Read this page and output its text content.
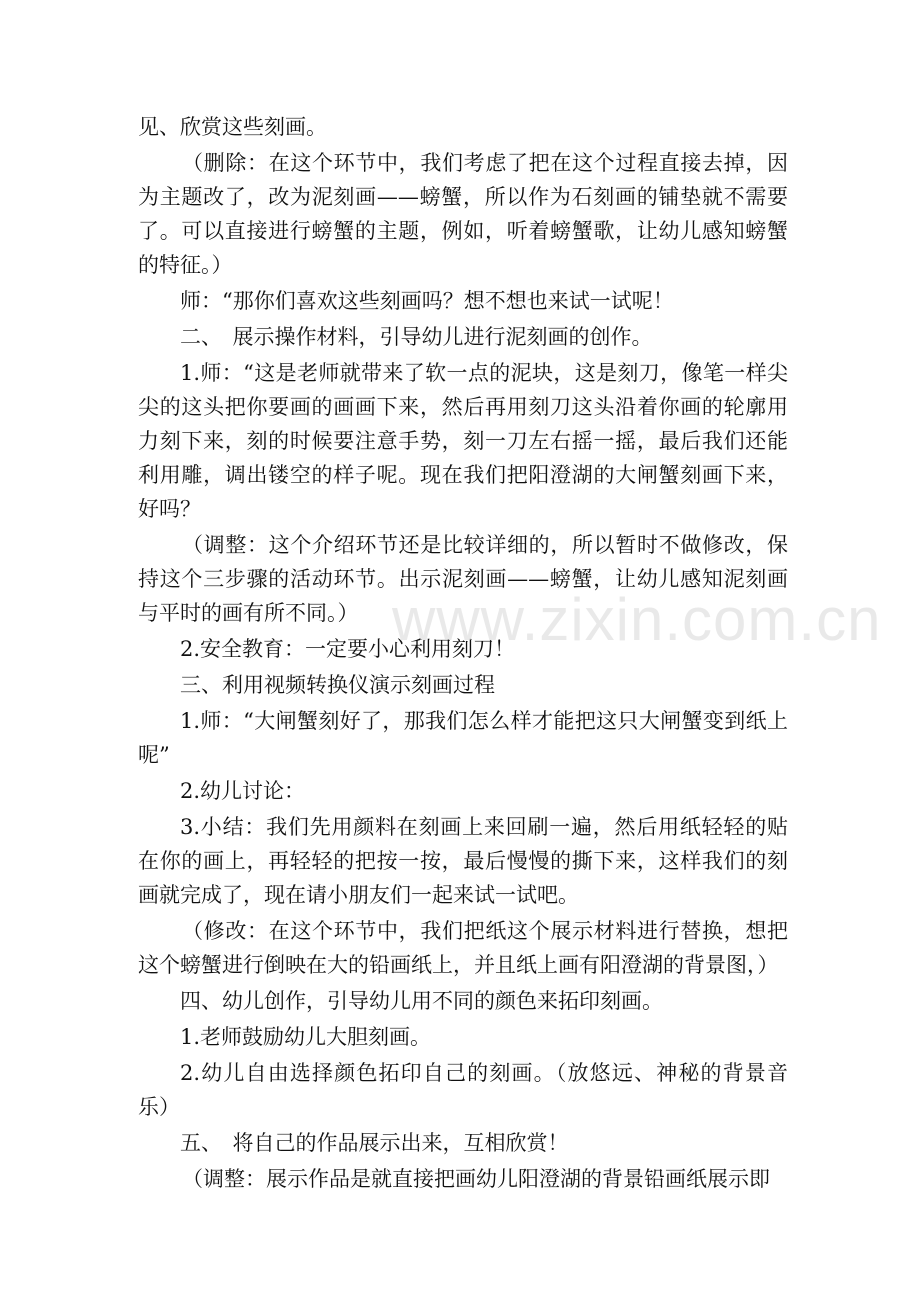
见、欣赏这些刻画。

（删除：在这个环节中，我们考虑了把在这个过程直接去掉，因为主题改了，改为泥刻画——螃蟹，所以作为石刻画的铺垫就不需要了。可以直接进行螃蟹的主题，例如，听着螃蟹歌，让幼儿感知螃蟹的特征。）

师：“那你们喜欢这些刻画吗？想不想也来试一试呢！

二、　展示操作材料，引导幼儿进行泥刻画的创作。

1.师：“这是老师就带来了软一点的泥块，这是刻刀，像笔一样尖尖的这头把你要画的画画下来，然后再用刻刀这头沿着你画的轮廓用力刻下来，刻的时候要注意手势，刻一刀左右摇一摇，最后我们还能利用雕，调出镂空的样子呢。现在我们把阳澄湖的大闸蟹刻画下来，好吗？

（调整：这个介绍环节还是比较详细的，所以暂时不做修改，保持这个三步骤的活动环节。出示泥刻画——螃蟹，让幼儿感知泥刻画与平时的画有所不同。）

2.安全教育：一定要小心利用刻刀！

三、利用视频转换仪演示刻画过程

1.师：“大闸蟹刻好了，那我们怎么样才能把这只大闸蟹变到纸上呢”

2.幼儿讨论：

3.小结：我们先用颜料在刻画上来回刷一遍，然后用纸轻轻的贴在你的画上，再轻轻的把按一按，最后慢慢的撕下来，这样我们的刻画就完成了，现在请小朋友们一起来试一试吧。

（修改：在这个环节中，我们把纸这个展示材料进行替换，想把这个螃蟹进行倒映在大的铅画纸上，并且纸上画有阳澄湖的背景图，）

四、幼儿创作，引导幼儿用不同的颜色来拓印刻画。

1.老师鼓励幼儿大胆刻画。

2.幼儿自由选择颜色拓印自己的刻画。（放悠远、神秘的背景音乐）

五、　将自己的作品展示出来，互相欣赏！

（调整：展示作品是就直接把画幼儿阳澄湖的背景铅画纸展示即

www.zixin.com.cn
